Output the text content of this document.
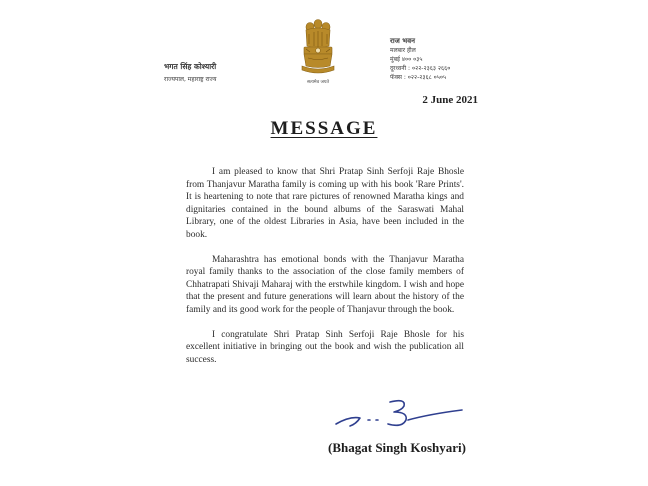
भगत सिंह कोश्यारी
राज्यपाल, महाराष्ट्र राज्य	सत्यमेव जयते
राज भवन
मलबार हील
मुंबई ४०० ०३५
दूरध्वनी : ०२२-२३६३ २६६०
फॅक्स : ०२२-२३६८ ०५०५
2 June 2021
MESSAGE

I am pleased to know that Shri Pratap Sinh Serfoji Raje Bhosle from Thanjavur Maratha family is coming up with his book 'Rare Prints'. It is heartening to note that rare pictures of renowned Maratha kings and dignitaries contained in the bound albums of the Saraswati Mahal Library, one of the oldest Libraries in Asia, have been included in the book.

Maharashtra has emotional bonds with the Thanjavur Maratha royal family thanks to the association of the close family members of Chhatrapati Shivaji Maharaj with the erstwhile kingdom. I wish and hope that the present and future generations will learn about the history of the family and its good work for the people of Thanjavur through the book.

I congratulate Shri Pratap Sinh Serfoji Raje Bhosle for his excellent initiative in bringing out the book and wish the publication all success.

(Bhagat Singh Koshyari)
